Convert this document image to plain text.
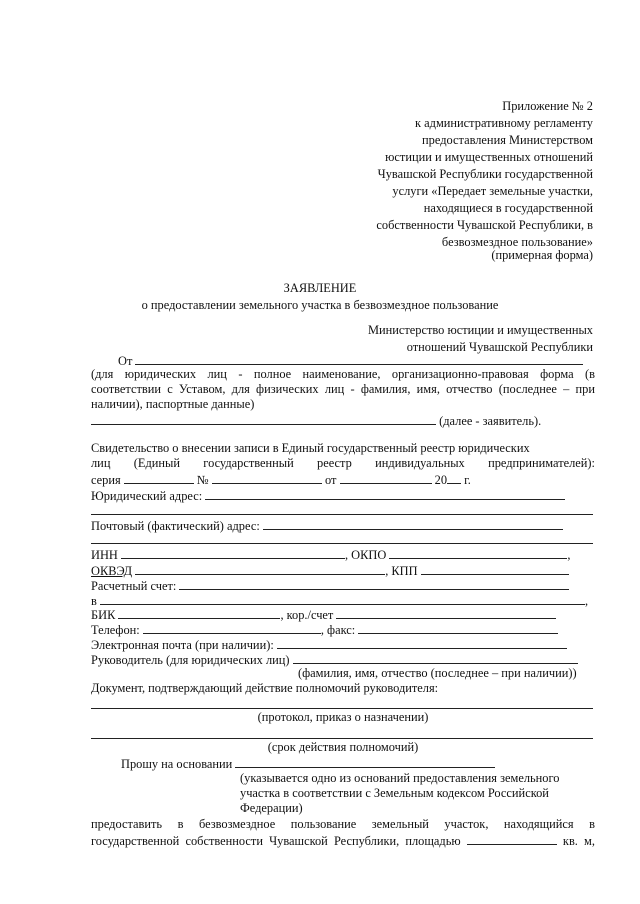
Приложение № 2
к административному регламенту
предоставления Министерством
юстиции и имущественных отношений
Чувашской Республики государственной
услуги «Передает земельные участки,
находящиеся в государственной
собственности Чувашской Республики, в
безвозмездное пользование»
(примерная форма)
ЗАЯВЛЕНИЕ
о предоставлении земельного участка в безвозмездное пользование
Министерство юстиции и имущественных
отношений Чувашской Республики
От
(для юридических лиц - полное наименование, организационно-правовая форма (в
соответствии с Уставом, для физических лиц - фамилия, имя, отчество (последнее – при
наличии), паспортные данные)
(далее - заявитель).
Свидетельство о внесении записи в Единый государственный реестр юридических
лиц (Единый государственный реестр индивидуальных предпринимателей):
серия	№	от	20 г.
Юридический адрес:
Почтовый (фактический) адрес:
ИНН	, ОКПО	,
ОКВЭД	, КПП
Расчетный счет:
в	,
БИК	, кор./счет
Телефон:	, факс:
Электронная почта (при наличии):
Руководитель (для юридических лиц)
(фамилия, имя, отчество (последнее – при наличии))
Документ, подтверждающий действие полномочий руководителя:
(протокол, приказ о назначении)
(срок действия полномочий)
Прошу на основании
(указывается одно из оснований предоставления земельного
участка в соответствии с Земельным кодексом Российской
Федерации)
предоставить в безвозмездное пользование земельный участок, находящийся в
государственной собственности Чувашской Республики, площадью	кв. м,
